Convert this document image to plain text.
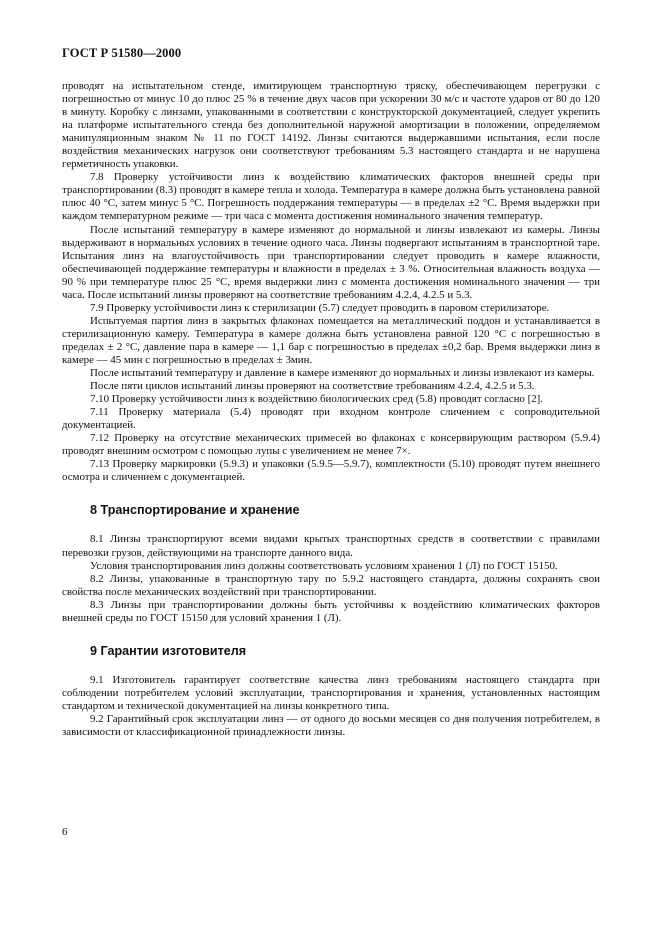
ГОСТ Р 51580—2000

проводят на испытательном стенде, имитирующем транспортную тряску, обеспечивающем перегрузки с погрешностью от минус 10 до плюс 25 % в течение двух часов при ускорении 30 м/с и частоте ударов от 80 до 120 в минуту. Коробку с линзами, упакованными в соответствии с конструкторской документацией, следует укрепить на платформе испытательного стенда без дополнительной наружной амортизации в положении, определяемом манипуляционным знаком № 11 по ГОСТ 14192. Линзы считаются выдержавшими испытания, если после воздействия механических нагрузок они соответствуют требованиям 5.3 настоящего стандарта и не нарушена герметичность упаковки.

7.8 Проверку устойчивости линз к воздействию климатических факторов внешней среды при транспортировании (8.3) проводят в камере тепла и холода. Температура в камере должна быть установлена равной плюс 40 °С, затем минус 5 °С. Погрешность поддержания температуры — в пределах ±2 °С. Время выдержки при каждом температурном режиме — три часа с момента достижения номинального значения температур.

После испытаний температуру в камере изменяют до нормальной и линзы извлекают из камеры. Линзы выдерживают в нормальных условиях в течение одного часа. Линзы подвергают испытаниям в транспортной таре. Испытания линз на влагоустойчивость при транспортировании следует проводить в камере влажности, обеспечивающей поддержание температуры и влажности в пределах ± 3 %. Относительная влажность воздуха — 90 % при температуре плюс 25 °С, время выдержки линз с момента достижения номинального значения — три часа. После испытаний линзы проверяют на соответствие требованиям 4.2.4, 4.2.5 и 5.3.

7.9 Проверку устойчивости линз к стерилизации (5.7) следует проводить в паровом стерилизаторе.

Испытуемая партия линз в закрытых флаконах помещается на металлический поддон и устанавливается в стерилизационную камеру. Температура в камере должна быть установлена равной 120 °С с погрешностью в пределах ± 2 °С, давление пара в камере — 1,1 бар с погрешностью в пределах ±0,2 бар. Время выдержки линз в камере — 45 мин с погрешностью в пределах ± 3мин.

После испытаний температуру и давление в камере изменяют до нормальных и линзы извлекают из камеры.

После пяти циклов испытаний линзы проверяют на соответствие требованиям 4.2.4, 4.2.5 и 5.3.

7.10 Проверку устойчивости линз к воздействию биологических сред (5.8) проводят согласно [2].

7.11 Проверку материала (5.4) проводят при входном контроле сличением с сопроводительной документацией.

7.12 Проверку на отсутствие механических примесей во флаконах с консервирующим раствором (5.9.4) проводят внешним осмотром с помощью лупы с увеличением не менее 7×.

7.13 Проверку маркировки (5.9.3) и упаковки (5.9.5—5.9.7), комплектности (5.10) проводят путем внешнего осмотра и сличением с документацией.

8 Транспортирование и хранение

8.1 Линзы транспортируют всеми видами крытых транспортных средств в соответствии с правилами перевозки грузов, действующими на транспорте данного вида.

Условия транспортирования линз должны соответствовать условиям хранения 1 (Л) по ГОСТ 15150.

8.2 Линзы, упакованные в транспортную тару по 5.9.2 настоящего стандарта, должны сохранять свои свойства после механических воздействий при транспортировании.

8.3 Линзы при транспортировании должны быть устойчивы к воздействию климатических факторов внешней среды по ГОСТ 15150 для условий хранения 1 (Л).

9 Гарантии изготовителя

9.1 Изготовитель гарантирует соответствие качества линз требованиям настоящего стандарта при соблюдении потребителем условий эксплуатации, транспортирования и хранения, установленных настоящим стандартом и технической документацией на линзы конкретного типа.

9.2 Гарантийный срок эксплуатации линз — от одного до восьми месяцев со дня получения потребителем, в зависимости от классификационной принадлежности линзы.

6
